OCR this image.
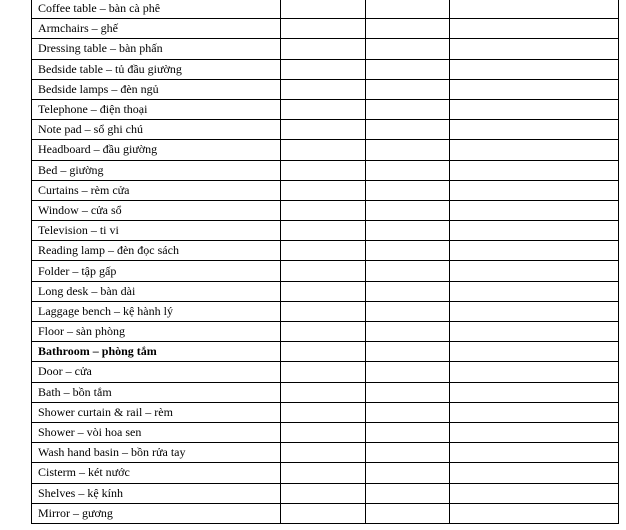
Coffee table – bàn cà phê			
Armchairs – ghế			
Dressing table – bàn phấn			
Bedside table – tủ đầu giường			
Bedside lamps – đèn ngủ			
Telephone – điện thoại			
Note pad – sổ ghi chú			
Headboard – đầu giường			
Bed – giường			
Curtains – rèm cửa			
Window – cửa sổ			
Television – ti vi			
Reading lamp – đèn đọc sách			
Folder – tập gấp			
Long desk – bàn dài			
Laggage bench – kệ hành lý			
Floor – sàn phòng			
Bathroom – phòng tắm			
Door – cửa			
Bath – bồn tắm			
Shower curtain & rail – rèm			
Shower – vòi hoa sen			
Wash hand basin – bồn rửa tay			
Cisterm – két nước			
Shelves – kệ kính			
Mirror – gương			
